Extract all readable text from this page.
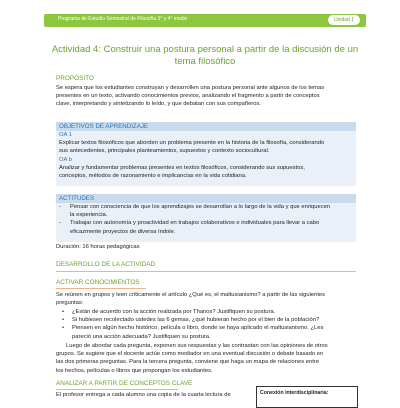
Programa de Estudio Semestral de Filosofía 3° y 4° medio	Unidad 1
Actividad 4: Construir una postura personal a partir de la discusión de un tema filosófico
PROPÓSITO
Se espera que los estudiantes construyan y desarrollen una postura personal ante algunos de los temas
presentes en un texto, activando conocimientos previos, analizando el fragmento a partir de conceptos
clave, interpretando y sintetizando lo leído, y que debatan con sus compañeros.
OBJETIVOS DE APRENDIZAJE
OA 1
Explicar textos filosóficos que aborden un problema presente en la historia de la filosofía, considerando
sus antecedentes, principales planteamientos, supuestos y contexto sociocultural.
OA b
Analizar y fundamentar problemas presentes en textos filosóficos, considerando sus supuestos,
conceptos, métodos de razonamiento e implicancias en la vida cotidiana.
ACTITUDES
- Pensar con consciencia de que los aprendizajes se desarrollan a lo largo de la vida y que enriquecen
la experiencia.
- Trabajar con autonomía y proactividad en trabajos colaborativos e individuales para llevar a cabo
eficazmente proyectos de diversa índole.
Duración: 16 horas pedagógicas
DESARROLLO DE LA ACTIVIDAD
ACTIVAR CONOCIMIENTOS
Se reúnen en grupos y leen críticamente el artículo ¿Qué es, el maltusianismo? a partir de las siguientes
preguntas:
• ¿Están de acuerdo con la acción realizada por Thanos? Justifiquen su postura.
• Si hubiesen recolectado ustedes las 6 gemas, ¿qué hubieran hecho por el bien de la población?
• Piensen en algún hecho histórico, película o libro, donde se haya aplicado el maltusianismo. ¿Les
pareció una acción adecuada? Justifiquen su postura.
Luego de abordar cada pregunta, exponen sus respuestas y las contrastan con las opiniones de otros
grupos. Se sugiere que el docente actúe como mediador en una eventual discusión o debate basado en
las dos primeras preguntas. Para la tercera pregunta, conviene que haga un mapa de relaciones entre
los hechos, películas o libros que propongan los estudiantes.
ANALIZAR A PARTIR DE CONCEPTOS CLAVE
El profesor entrega a cada alumno una copia de la cuarta lectura de	Conexión interdisciplinaria:
